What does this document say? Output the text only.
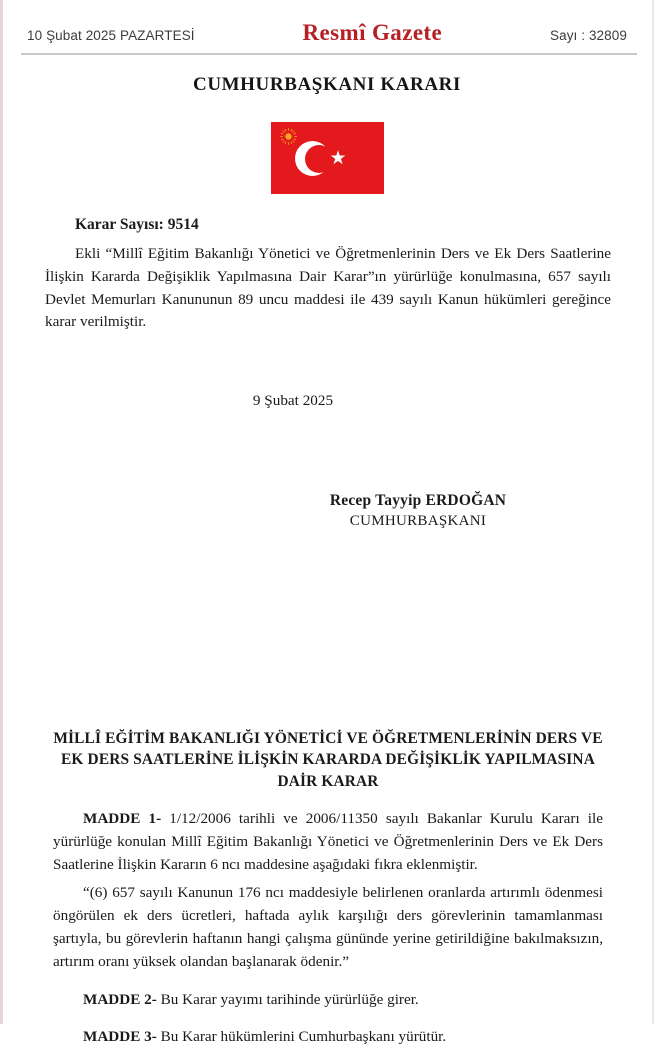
10 Şubat 2025 PAZARTESİ	Resmî Gazete	Sayı : 32809
CUMHURBAŞKANI KARARI
★
Karar Sayısı: 9514

Ekli “Millî Eğitim Bakanlığı Yönetici ve Öğretmenlerinin Ders ve Ek Ders Saatlerine İlişkin Kararda Değişiklik Yapılmasına Dair Karar”ın yürürlüğe konulmasına, 657 sayılı Devlet Memurları Kanununun 89 uncu maddesi ile 439 sayılı Kanun hükümleri gereğince karar verilmiştir.

9 Şubat 2025
Recep Tayyip ERDOĞAN
CUMHURBAŞKANI
MİLLÎ EĞİTİM BAKANLIĞI YÖNETİCİ VE ÖĞRETMENLERİNİN DERS VE EK DERS SAATLERİNE İLİŞKİN KARARDA DEĞİŞİKLİK YAPILMASINA DAİR KARAR

MADDE 1- 1/12/2006 tarihli ve 2006/11350 sayılı Bakanlar Kurulu Kararı ile yürürlüğe konulan Millî Eğitim Bakanlığı Yönetici ve Öğretmenlerinin Ders ve Ek Ders Saatlerine İlişkin Kararın 6 ncı maddesine aşağıdaki fıkra eklenmiştir.

“(6) 657 sayılı Kanunun 176 ncı maddesiyle belirlenen oranlarda artırımlı ödenmesi öngörülen ek ders ücretleri, haftada aylık karşılığı ders görevlerinin tamamlanması şartıyla, bu görevlerin haftanın hangi çalışma gününde yerine getirildiğine bakılmaksızın, artırım oranı yüksek olandan başlanarak ödenir.”

MADDE 2- Bu Karar yayımı tarihinde yürürlüğe girer.

MADDE 3- Bu Karar hükümlerini Cumhurbaşkanı yürütür.
